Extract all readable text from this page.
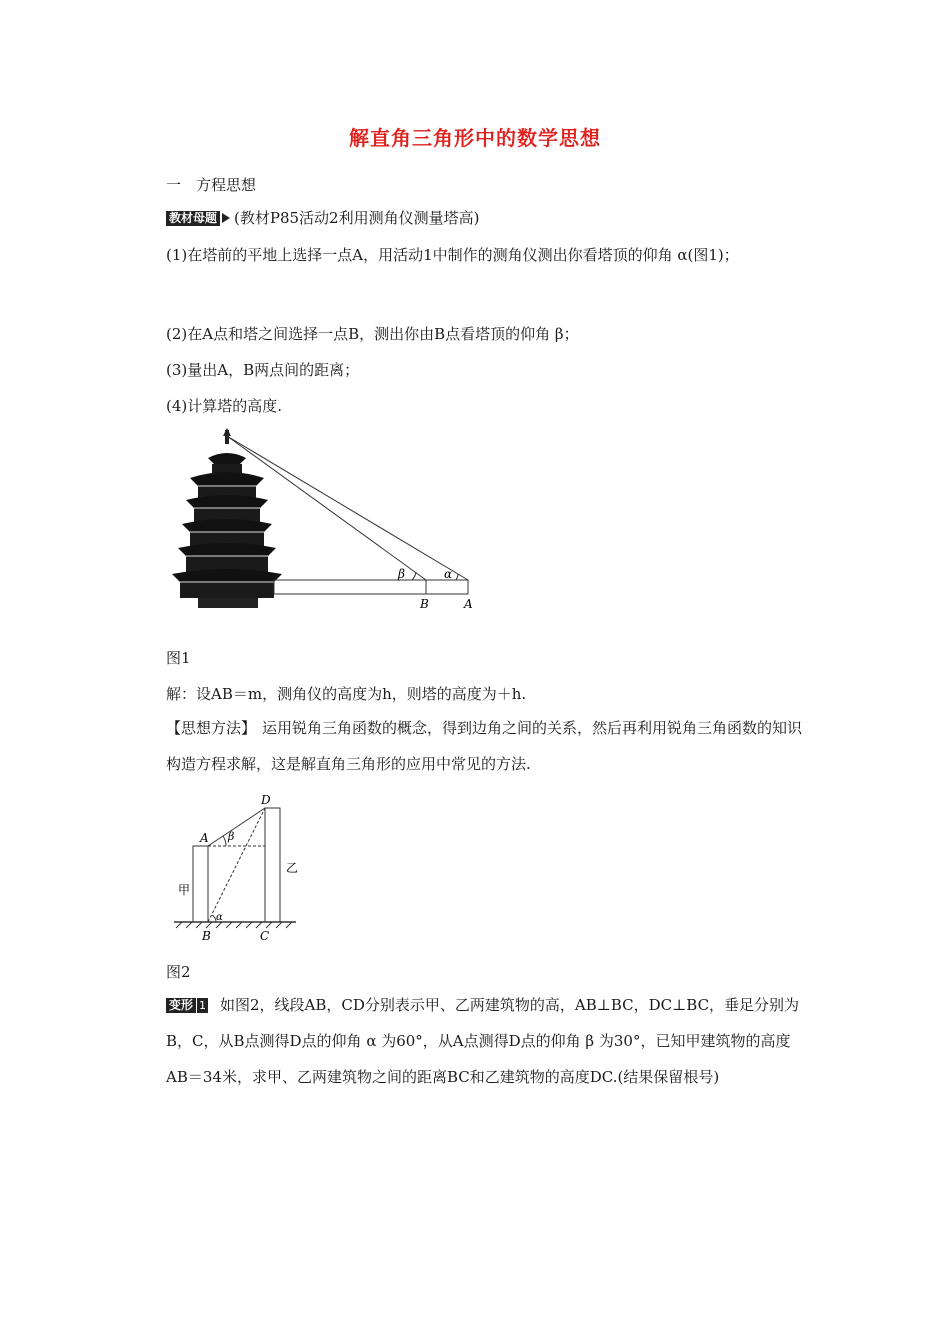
解直角三角形中的数学思想
一　方程思想
教材母题 (教材P85活动2利用测角仪测量塔高)
(1)在塔前的平地上选择一点A，用活动1中制作的测角仪测出你看塔顶的仰角 α(图1)；
(2)在A点和塔之间选择一点B，测出你由B点看塔顶的仰角 β；
(3)量出A，B两点间的距离；
(4)计算塔的高度.
β	α
B	A
图1
解：设AB＝m，测角仪的高度为h，则塔的高度为＋h.
【思想方法】 运用锐角三角函数的概念，得到边角之间的关系，然后再利用锐角三角函数的知识构造方程求解，这是解直角三角形的应用中常见的方法.
D
A β
甲
乙
α
B	C
图2
变形 1 如图2，线段AB，CD分别表示甲、乙两建筑物的高，AB⊥BC，DC⊥BC，垂足分别为B，C，从B点测得D点的仰角 α 为60°，从A点测得D点的仰角 β 为30°，已知甲建筑物的高度AB＝34米，求甲、乙两建筑物之间的距离BC和乙建筑物的高度DC.(结果保留根号)
